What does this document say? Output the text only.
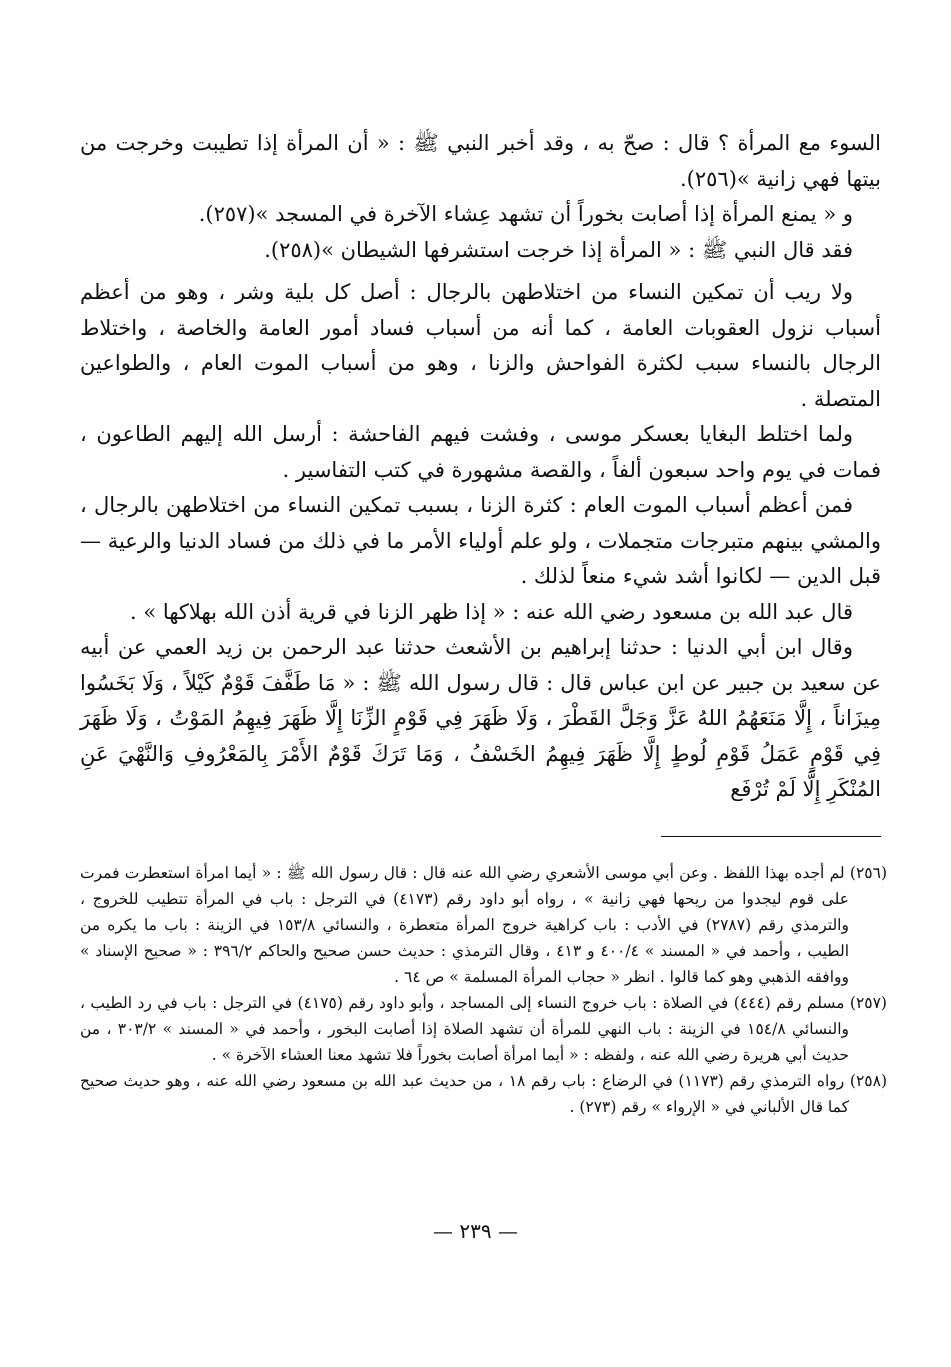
السوء مع المرأة ؟ قال : صحّ به ، وقد أخبر النبي ﷺ : « أن المرأة إذا تطيبت وخرجت من بيتها فهي زانية »(٢٥٦).

و « يمنع المرأة إذا أصابت بخوراً أن تشهد عِشاء الآخرة في المسجد »(٢٥٧).

فقد قال النبي ﷺ : « المرأة إذا خرجت استشرفها الشيطان »(٢٥٨).

ولا ريب أن تمكين النساء من اختلاطهن بالرجال : أصل كل بلية وشر ، وهو من أعظم أسباب نزول العقوبات العامة ، كما أنه من أسباب فساد أمور العامة والخاصة ، واختلاط الرجال بالنساء سبب لكثرة الفواحش والزنا ، وهو من أسباب الموت العام ، والطواعين المتصلة .

ولما اختلط البغايا بعسكر موسى ، وفشت فيهم الفاحشة : أرسل الله إليهم الطاعون ، فمات في يوم واحد سبعون ألفاً ، والقصة مشهورة في كتب التفاسير .

فمن أعظم أسباب الموت العام : كثرة الزنا ، بسبب تمكين النساء من اختلاطهن بالرجال ، والمشي بينهم متبرجات متجملات ، ولو علم أولياء الأمر ما في ذلك من فساد الدنيا والرعية — قبل الدين — لكانوا أشد شيء منعاً لذلك .

قال عبد الله بن مسعود رضي الله عنه : « إذا ظهر الزنا في قرية أذن الله بهلاكها » .

وقال ابن أبي الدنيا : حدثنا إبراهيم بن الأشعث حدثنا عبد الرحمن بن زيد العمي عن أبيه عن سعيد بن جبير عن ابن عباس قال : قال رسول الله ﷺ : « مَا طَفَّفَ قَوْمٌ كَيْلاً ، وَلَا بَخَسُوا مِيزَاناً ، إِلَّا مَنَعَهُمُ اللهُ عَزَّ وَجَلَّ القَطْرَ ، وَلَا ظَهَرَ فِي قَوْمٍ الزِّنَا إِلَّا ظَهَرَ فِيهِمُ المَوْتُ ، وَلَا ظَهَرَ فِي قَوْمٍ عَمَلُ قَوْمِ لُوطٍ إِلَّا ظَهَرَ فِيهِمُ الخَسْفُ ، وَمَا تَرَكَ قَوْمٌ الأَمْرَ بِالمَعْرُوفِ وَالنَّهْيَ عَنِ المُنْكَرِ إِلَّا لَمْ تُرْفَع

(٢٥٦) لم أجده بهذا اللفظ . وعن أبي موسى الأشعري رضي الله عنه قال : قال رسول الله ﷺ : « أيما امرأة استعطرت فمرت على قوم ليجدوا من ريحها فهي زانية » ، رواه أبو داود رقم (٤١٧٣) في الترجل : باب في المرأة تتطيب للخروج ، والترمذي رقم (٢٧٨٧) في الأدب : باب كراهية خروج المرأة متعطرة ، والنسائي ١٥٣/٨ في الزينة : باب ما يكره من الطيب ، وأحمد في « المسند » ٤٠٠/٤ و ٤١٣ ، وقال الترمذي : حديث حسن صحيح والحاكم ٣٩٦/٢ : « صحيح الإسناد » ووافقه الذهبي وهو كما قالوا . انظر « حجاب المرأة المسلمة » ص ٦٤ .

(٢٥٧) مسلم رقم (٤٤٤) في الصلاة : باب خروج النساء إلى المساجد ، وأبو داود رقم (٤١٧٥) في الترجل : باب في رد الطيب ، والنسائي ١٥٤/٨ في الزينة : باب النهي للمرأة أن تشهد الصلاة إذا أصابت البخور ، وأحمد في « المسند » ٣٠٣/٢ ، من حديث أبي هريرة رضي الله عنه ، ولفظه : « أيما امرأة أصابت بخوراً فلا تشهد معنا العشاء الآخرة » .

(٢٥٨) رواه الترمذي رقم (١١٧٣) في الرضاع : باب رقم ١٨ ، من حديث عبد الله بن مسعود رضي الله عنه ، وهو حديث صحيح كما قال الألباني في « الإرواء » رقم (٢٧٣) .

— ٢٣٩ —
